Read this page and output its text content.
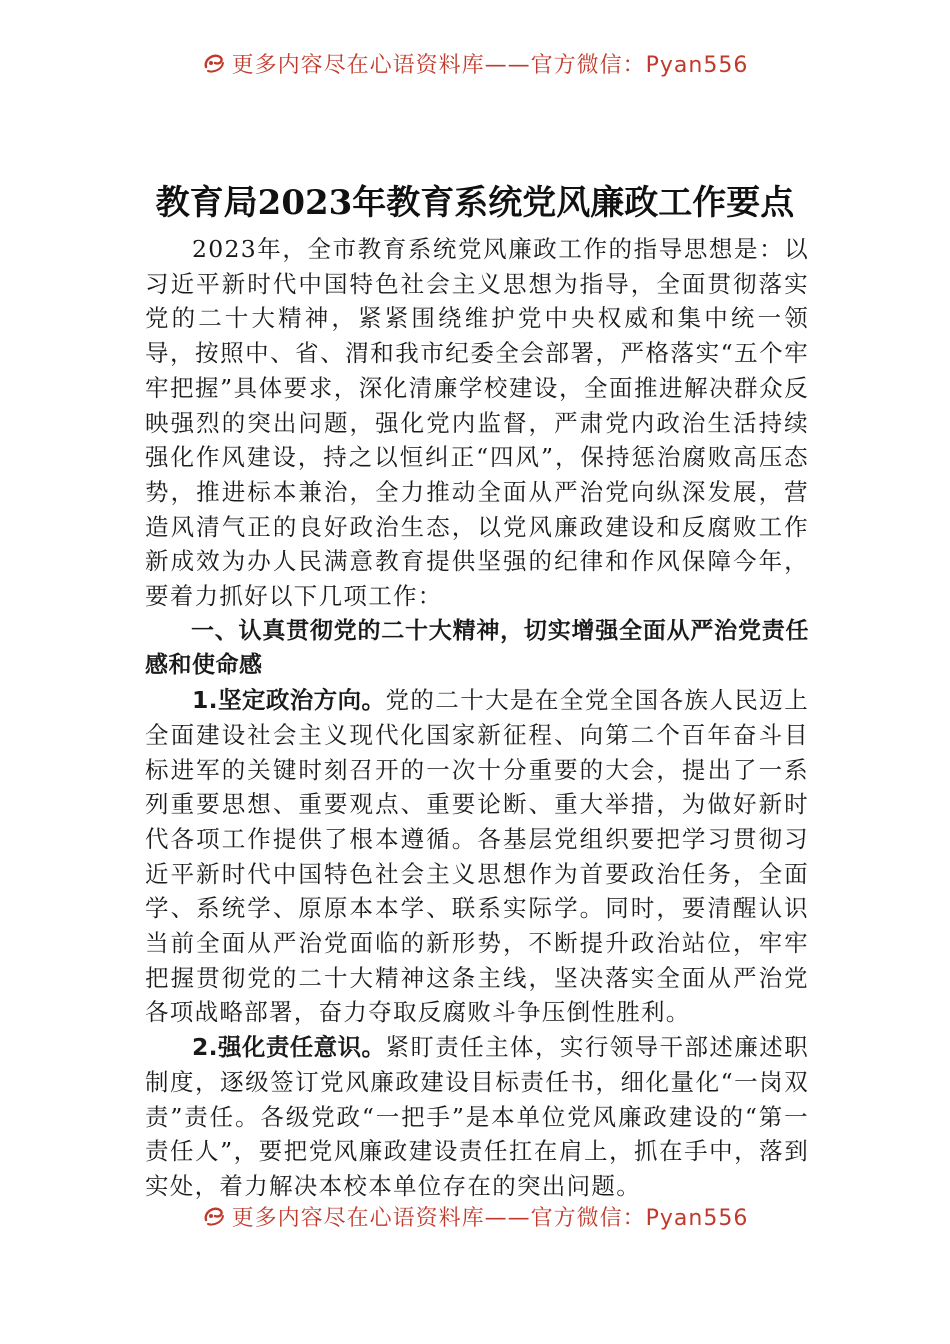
更多内容尽在心语资料库——官方微信：Pyan556
教育局2023年教育系统党风廉政工作要点

2023年，全市教育系统党风廉政工作的指导思想是：以习近平新时代中国特色社会主义思想为指导，全面贯彻落实党的二十大精神，紧紧围绕维护党中央权威和集中统一领导，按照中、省、渭和我市纪委全会部署，严格落实“五个牢牢把握”具体要求，深化清廉学校建设，全面推进解决群众反映强烈的突出问题，强化党内监督，严肃党内政治生活持续强化作风建设，持之以恒纠正“四风”，保持惩治腐败高压态势，推进标本兼治，全力推动全面从严治党向纵深发展，营造风清气正的良好政治生态，以党风廉政建设和反腐败工作新成效为办人民满意教育提供坚强的纪律和作风保障今年，要着力抓好以下几项工作：

一、认真贯彻党的二十大精神，切实增强全面从严治党责任感和使命感

1.坚定政治方向。党的二十大是在全党全国各族人民迈上全面建设社会主义现代化国家新征程、向第二个百年奋斗目标进军的关键时刻召开的一次十分重要的大会，提出了一系列重要思想、重要观点、重要论断、重大举措，为做好新时代各项工作提供了根本遵循。各基层党组织要把学习贯彻习近平新时代中国特色社会主义思想作为首要政治任务，全面学、系统学、原原本本学、联系实际学。同时，要清醒认识当前全面从严治党面临的新形势，不断提升政治站位，牢牢把握贯彻党的二十大精神这条主线，坚决落实全面从严治党各项战略部署，奋力夺取反腐败斗争压倒性胜利。

2.强化责任意识。紧盯责任主体，实行领导干部述廉述职制度，逐级签订党风廉政建设目标责任书，细化量化“一岗双责”责任。各级党政“一把手”是本单位党风廉政建设的“第一责任人”，要把党风廉政建设责任扛在肩上，抓在手中，落到实处，着力解决本校本单位存在的突出问题。

更多内容尽在心语资料库——官方微信：Pyan556
